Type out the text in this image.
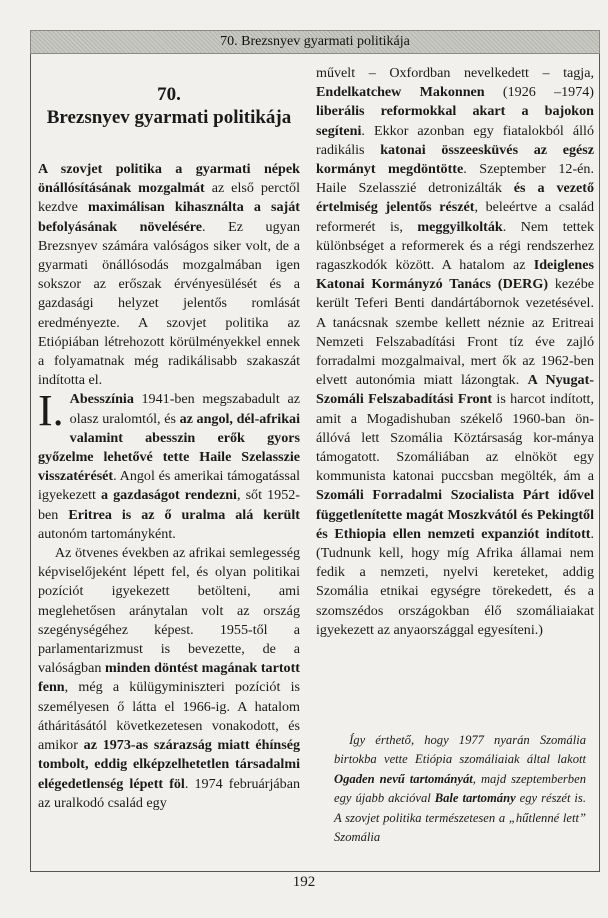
70. Brezsnyev gyarmati politikája
70.
Brezsnyev gyarmati politikája

A szovjet politika a gyarmati népek önállósításának mozgalmát az első perctől kezdve maximálisan kihasználta a saját befolyásának növelésére. Ez ugyan Brezsnyev számára valóságos siker volt, de a gyarmati önállósodás mozgalmában igen sokszor az erőszak érvényesülését és a gazdasági helyzet jelentős romlását eredményezte. A szovjet politika az Etiópiában létrehozott körülményekkel ennek a folyamatnak még radikálisabb szakaszát indította el.

I. Abesszínia 1941-ben megszabadult az olasz uralomtól, és az angol, dél-afrikai valamint abesszin erők gyors győzelme lehetővé tette Haile Szelasszie visszatérését. Angol és amerikai támogatással igyekezett a gazdaságot rendezni, sőt 1952-ben Eritrea is az ő uralma alá került autonóm tartományként.

Az ötvenes években az afrikai semlegesség képviselőjeként lépett fel, és olyan politikai pozíciót igyekezett betölteni, ami meglehetősen aránytalan volt az ország szegénységéhez képest. 1955-től a parlamentarizmust is bevezette, de a valóságban minden döntést magának tartott fenn, még a külügyminiszteri pozíciót is személyesen ő látta el 1966-ig. A hatalom átháritásától következetesen vonakodott, és amikor az 1973-as szárazság miatt éhínség tombolt, eddig elképzelhetetlen társadalmi elégedetlenség lépett föl. 1974 februárjában az uralkodó család egy

művelt – Oxfordban nevelkedett – tagja, Endelkatchew Makonnen (1926 –1974) liberális reformokkal akart a bajokon segíteni. Ekkor azonban egy fiatalokból álló radikális katonai összeesküvés az egész kormányt megdöntötte. Szeptember 12-én. Haile Szelasszié detronizálták és a vezető értelmiség jelentős részét, beleértve a család reformerét is, meggyilkolták. Nem tettek különbséget a reformerek és a régi rendszerhez ragaszkodók között. A hatalom az Ideiglenes Katonai Kormányzó Tanács (DERG) kezébe került Teferi Benti dandártábornok vezetésével. A tanácsnak szembe kellett néznie az Eritreai Nemzeti Felszabadítási Front tíz éve zajló forradalmi mozgalmaival, mert ők az 1962-ben elvett autonómia miatt lázongtak. A Nyugat-Szomáli Felszabadítási Front is harcot indított, amit a Mogadishuban székelő 1960-ban ön-állóvá lett Szomália Köztársaság kor-mánya támogatott. Szomáliában az elnököt egy kommunista katonai puccsban megölték, ám a Szomáli Forradalmi Szocialista Párt idővel függetlenítette magát Moszkvától és Pekingtől és Ethiopia ellen nemzeti expanziót indított. (Tudnunk kell, hogy míg Afrika államai nem fedik a nemzeti, nyelvi kereteket, addig Szomália etnikai egységre törekedett, és a szomszédos országokban élő szomáliaiakat igyekezett az anyaországgal egyesíteni.)

Így érthető, hogy 1977 nyarán Szomália birtokba vette Etiópia szomáliaiak által lakott Ogaden nevű tartományát, majd szeptemberben egy újabb akcióval Bale tartomány egy részét is. A szovjet politika természetesen a „hűtlenné lett” Szomália

192
